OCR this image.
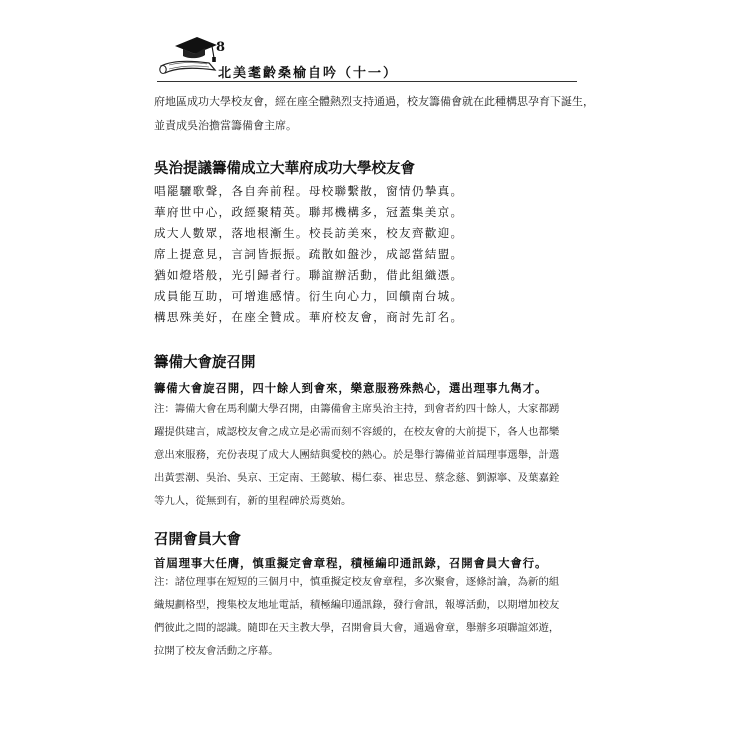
8
北美耄齡桑榆自吟（十一）
府地區成功大學校友會，經在座全體熱烈支持通過，校友籌備會就在此種構思孕育下誕生，
並責成吳治擔當籌備會主席。
吳治提議籌備成立大華府成功大學校友會
唱罷驪歌聲，各自奔前程。母校聯繫散，窗情仍摯真。
華府世中心，政經聚精英。聯邦機構多，冠蓋集美京。
成大人數眾，落地根漸生。校長訪美來，校友齊歡迎。
席上提意見，言詞皆振振。疏散如盤沙，成認當結盟。
猶如燈塔般，光引歸者行。聯誼辦活動，借此組織憑。
成員能互助，可增進感情。衍生向心力，回饋南台城。
構思殊美好，在座全贊成。華府校友會，商討先訂名。
籌備大會旋召開
籌備大會旋召開，四十餘人到會來，樂意服務殊熱心，選出理事九雋才。
注：籌備大會在馬利蘭大學召開，由籌備會主席吳治主持，到會者約四十餘人，大家都踴
躍提供建言，咸認校友會之成立是必需而刻不容緩的，在校友會的大前提下，各人也都樂
意出來服務，充份表現了成大人團結與愛校的熱心。於是舉行籌備並首屆理事選舉，計選
出黃雲潮、吳治、吳京、王定南、王懿敏、楊仁泰、崔忠昱、蔡念慈、劉源寧、及葉嘉銓
等九人，從無到有，新的里程碑於焉奠始。
召開會員大會
首屆理事大任膺，慎重擬定會章程，積極編印通訊錄，召開會員大會行。
注：諸位理事在短短的三個月中，慎重擬定校友會章程，多次聚會，逐條討論，為新的組
織規劃格型，搜集校友地址電話，積極編印通訊錄，發行會訊，報導活動，以期增加校友
們彼此之間的認識。隨即在天主教大學，召開會員大會，通過會章，舉辦多項聯誼郊遊，
拉開了校友會活動之序幕。
